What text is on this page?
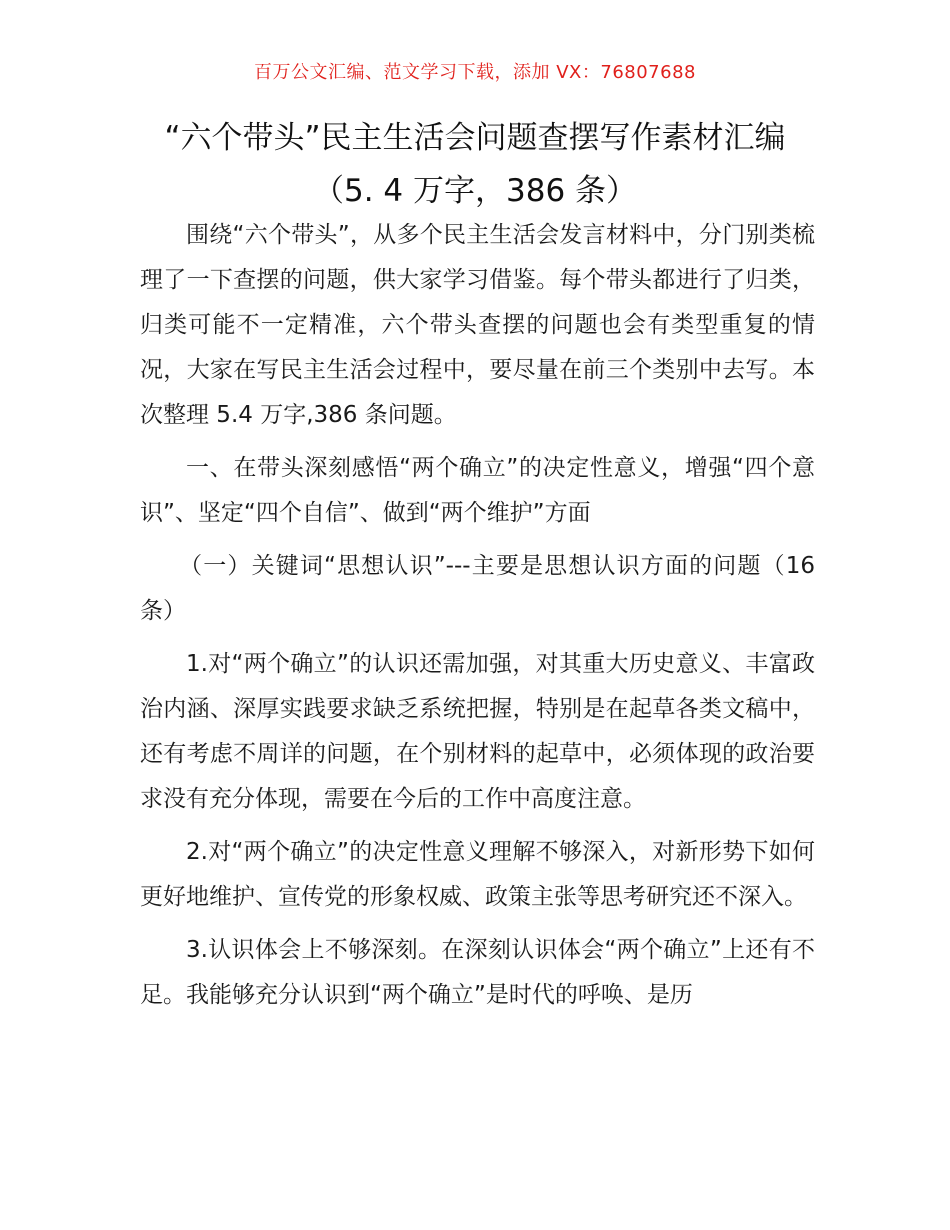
百万公文汇编、范文学习下载，添加 VX：76807688
“六个带头”民主生活会问题查摆写作素材汇编（5. 4 万字，386 条）

围绕“六个带头”，从多个民主生活会发言材料中，分门别类梳理了一下查摆的问题，供大家学习借鉴。每个带头都进行了归类，归类可能不一定精准，六个带头查摆的问题也会有类型重复的情况，大家在写民主生活会过程中，要尽量在前三个类别中去写。本次整理 5.4 万字,386 条问题。

一、在带头深刻感悟“两个确立”的决定性意义，增强“四个意识”、坚定“四个自信”、做到“两个维护”方面

（一）关键词“思想认识”---主要是思想认识方面的问题（16 条）

1.对“两个确立”的认识还需加强，对其重大历史意义、丰富政治内涵、深厚实践要求缺乏系统把握，特别是在起草各类文稿中，还有考虑不周详的问题，在个别材料的起草中，必须体现的政治要求没有充分体现，需要在今后的工作中高度注意。

2.对“两个确立”的决定性意义理解不够深入，对新形势下如何更好地维护、宣传党的形象权威、政策主张等思考研究还不深入。

3.认识体会上不够深刻。在深刻认识体会“两个确立”上还有不足。我能够充分认识到“两个确立”是时代的呼唤、是历
